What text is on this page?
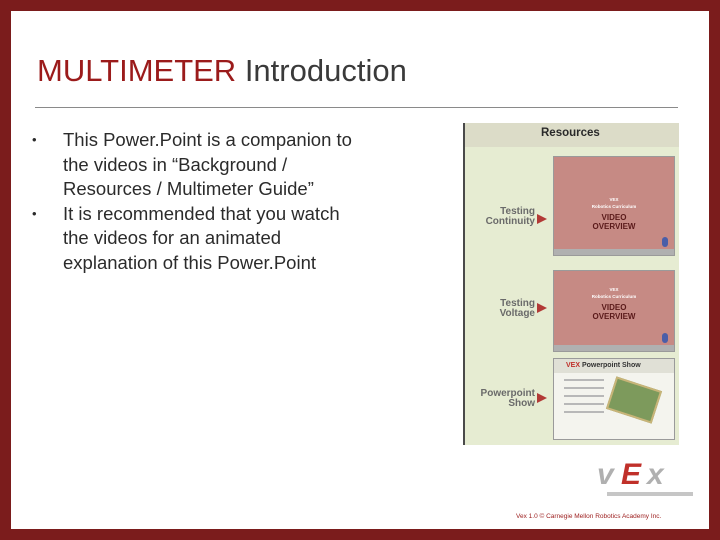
MULTIMETER Introduction
• This Power.Point is a companion to the videos in “Background / Resources / Multimeter Guide”
• It is recommended that you watch the videos for an animated explanation of this Power.Point
Resources
Testing
Continuity
VEX
Robotics Curriculum
VIDEO
OVERVIEW
Testing
Voltage
VEX
Robotics Curriculum
VIDEO
OVERVIEW
Powerpoint
Show
VEX Powerpoint Show
v E x
Vex 1.0 © Carnegie Mellon Robotics Academy Inc.
